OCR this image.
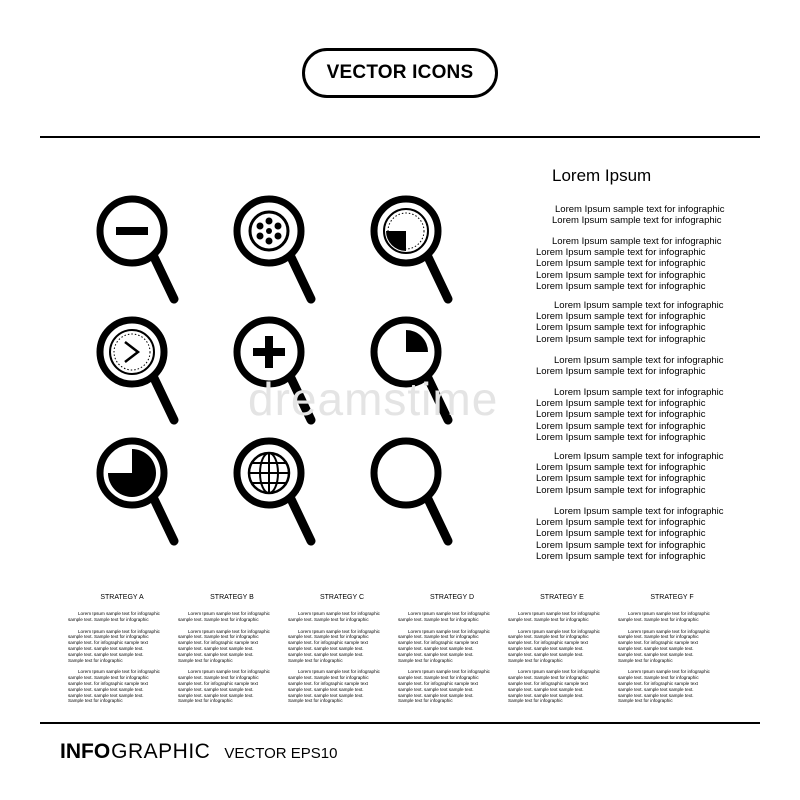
VECTOR ICONS
dreamstime
Lorem Ipsum
Lorem Ipsum sample text for infographic
Lorem Ipsum sample text for infographic
Lorem Ipsum sample text for infographic
Lorem Ipsum sample text for infographic
Lorem Ipsum sample text for infographic
Lorem Ipsum sample text for infographic
Lorem Ipsum sample text for infographic
Lorem Ipsum sample text for infographic
Lorem Ipsum sample text for infographic
Lorem Ipsum sample text for infographic
Lorem Ipsum sample text for infographic
Lorem Ipsum sample text for infographic
Lorem Ipsum sample text for infographic
Lorem Ipsum sample text for infographic
Lorem Ipsum sample text for infographic
Lorem Ipsum sample text for infographic
Lorem Ipsum sample text for infographic
Lorem Ipsum sample text for infographic
Lorem Ipsum sample text for infographic
Lorem Ipsum sample text for infographic
Lorem Ipsum sample text for infographic
Lorem Ipsum sample text for infographic
Lorem Ipsum sample text for infographic
Lorem Ipsum sample text for infographic
Lorem Ipsum sample text for infographic
Lorem Ipsum sample text for infographic
Lorem Ipsum sample text for infographic
STRATEGY A
Lorem Ipsum sample text for infographic
sample text. Sample text for infographic
Lorem Ipsum sample text for infographic
sample text. Sample text for infographic
sample text. for infographic sample text
sample text. sample text sample text.
sample text. sample text sample text.
Sample text for infographic
Lorem Ipsum sample text for infographic
sample text. Sample text for infographic
sample text. for infographic sample text
sample text. sample text sample text.
sample text. sample text sample text.
Sample text for infographic
STRATEGY B
Lorem Ipsum sample text for infographic
sample text. Sample text for infographic
Lorem Ipsum sample text for infographic
sample text. Sample text for infographic
sample text. for infographic sample text
sample text. sample text sample text.
sample text. sample text sample text.
Sample text for infographic
Lorem Ipsum sample text for infographic
sample text. Sample text for infographic
sample text. for infographic sample text
sample text. sample text sample text.
sample text. sample text sample text.
Sample text for infographic
STRATEGY C
Lorem Ipsum sample text for infographic
sample text. Sample text for infographic
Lorem Ipsum sample text for infographic
sample text. Sample text for infographic
sample text. for infographic sample text
sample text. sample text sample text.
sample text. sample text sample text.
Sample text for infographic
Lorem Ipsum sample text for infographic
sample text. Sample text for infographic
sample text. for infographic sample text
sample text. sample text sample text.
sample text. sample text sample text.
Sample text for infographic
STRATEGY D
Lorem Ipsum sample text for infographic
sample text. Sample text for infographic
Lorem Ipsum sample text for infographic
sample text. Sample text for infographic
sample text. for infographic sample text
sample text. sample text sample text.
sample text. sample text sample text.
Sample text for infographic
Lorem Ipsum sample text for infographic
sample text. Sample text for infographic
sample text. for infographic sample text
sample text. sample text sample text.
sample text. sample text sample text.
Sample text for infographic
STRATEGY E
Lorem Ipsum sample text for infographic
sample text. Sample text for infographic
Lorem Ipsum sample text for infographic
sample text. Sample text for infographic
sample text. for infographic sample text
sample text. sample text sample text.
sample text. sample text sample text.
Sample text for infographic
Lorem Ipsum sample text for infographic
sample text. Sample text for infographic
sample text. for infographic sample text
sample text. sample text sample text.
sample text. sample text sample text.
Sample text for infographic
STRATEGY F
Lorem Ipsum sample text for infographic
sample text. Sample text for infographic
Lorem Ipsum sample text for infographic
sample text. Sample text for infographic
sample text. for infographic sample text
sample text. sample text sample text.
sample text. sample text sample text.
Sample text for infographic
Lorem Ipsum sample text for infographic
sample text. Sample text for infographic
sample text. for infographic sample text
sample text. sample text sample text.
sample text. sample text sample text.
Sample text for infographic
INFO GRAPHIC VECTOR EPS10
